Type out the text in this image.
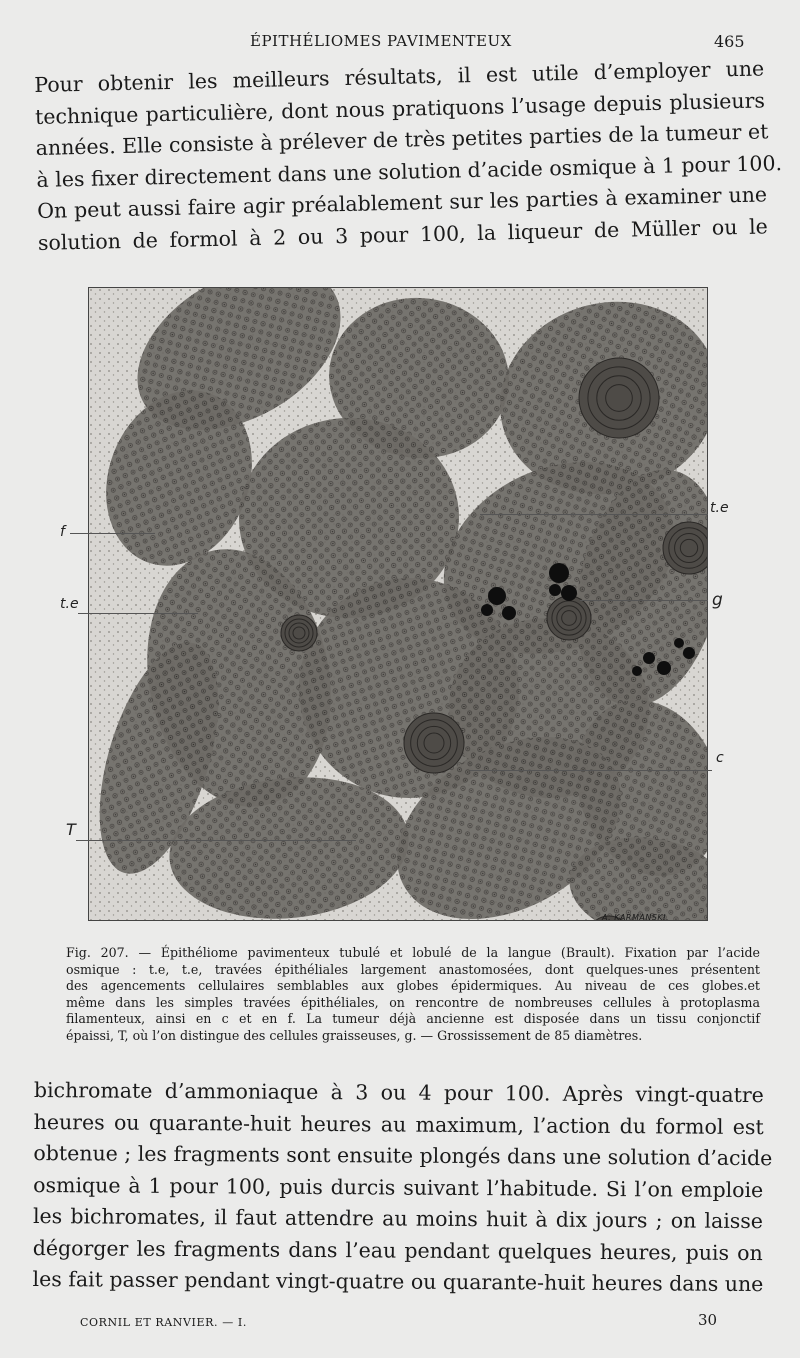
ÉPITHÉLIOMES PAVIMENTEUX	465
Pour obtenir les meilleurs résultats, il est utile d’employer une
technique particulière, dont nous pratiquons l’usage depuis plusieurs
années. Elle consiste à prélever de très petites parties de la tumeur et
à les fixer directement dans une solution d’acide osmique à 1 pour 100.
On peut aussi faire agir préalablement sur les parties à examiner une
solution de formol à 2 ou 3 pour 100, la liqueur de Müller ou le
f
t.e
T
t.e
g
c
A. KARMANSKI.
Fig. 207. — Épithéliome pavimenteux tubulé et lobulé de la langue (Brault). Fixation par l’acide
osmique : t.e, t.e, travées épithéliales largement anastomosées, dont quelques-unes présentent
des agencements cellulaires semblables aux globes épidermiques. Au niveau de ces globes.et
même dans les simples travées épithéliales, on rencontre de nombreuses cellules à protoplasma
filamenteux, ainsi en c et en f. La tumeur déjà ancienne est disposée dans un tissu conjonctif
épaissi, T, où l’on distingue des cellules graisseuses, g. — Grossissement de 85 diamètres.
bichromate d’ammoniaque à 3 ou 4 pour 100. Après vingt-quatre
heures ou quarante-huit heures au maximum, l’action du formol est
obtenue ; les fragments sont ensuite plongés dans une solution d’acide
osmique à 1 pour 100, puis durcis suivant l’habitude. Si l’on emploie
les bichromates, il faut attendre au moins huit à dix jours ; on laisse
dégorger les fragments dans l’eau pendant quelques heures, puis on
les fait passer pendant vingt-quatre ou quarante-huit heures dans une
CORNIL ET RANVIER. — I.	30
